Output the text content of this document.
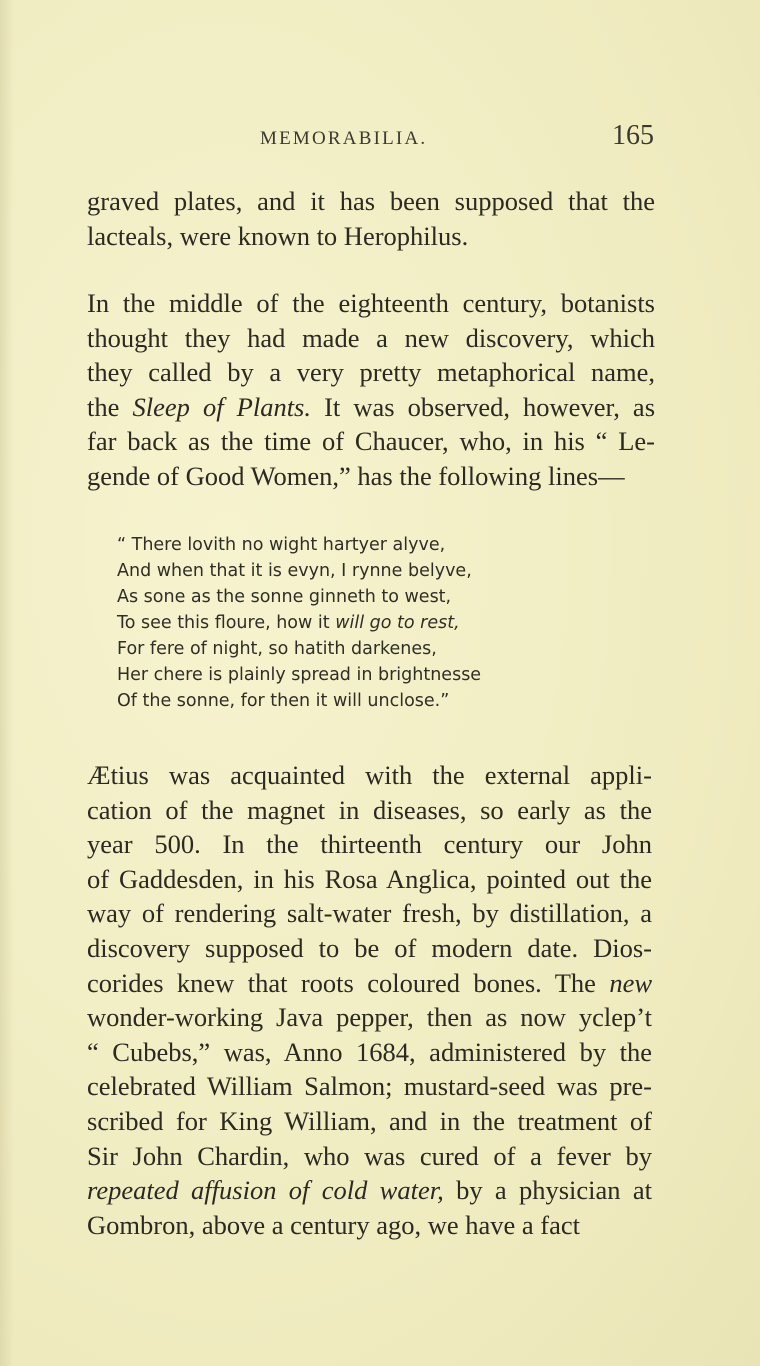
MEMORABILIA.	165

graved plates, and it has been supposed that the
lacteals, were known to Herophilus.

In the middle of the eighteenth century, botanists
thought they had made a new discovery, which
they called by a very pretty metaphorical name,
the Sleep of Plants. It was observed, however, as
far back as the time of Chaucer, who, in his “ Le-
gende of Good Women,” has the following lines—

“ There lovith no wight hartyer alyve,
And when that it is evyn, I rynne belyve,
As sone as the sonne ginneth to west,
To see this floure, how it will go to rest,
For fere of night, so hatith darkenes,
Her chere is plainly spread in brightnesse
Of the sonne, for then it will unclose.”

Ætius was acquainted with the external appli-
cation of the magnet in diseases, so early as the
year 500. In the thirteenth century our John
of Gaddesden, in his Rosa Anglica, pointed out the
way of rendering salt-water fresh, by distillation, a
discovery supposed to be of modern date. Dios-
corides knew that roots coloured bones. The new
wonder-working Java pepper, then as now yclep’t
“ Cubebs,” was, Anno 1684, administered by the
celebrated William Salmon; mustard-seed was pre-
scribed for King William, and in the treatment of
Sir John Chardin, who was cured of a fever by
repeated affusion of cold water, by a physician at
Gombron, above a century ago, we have a fact
